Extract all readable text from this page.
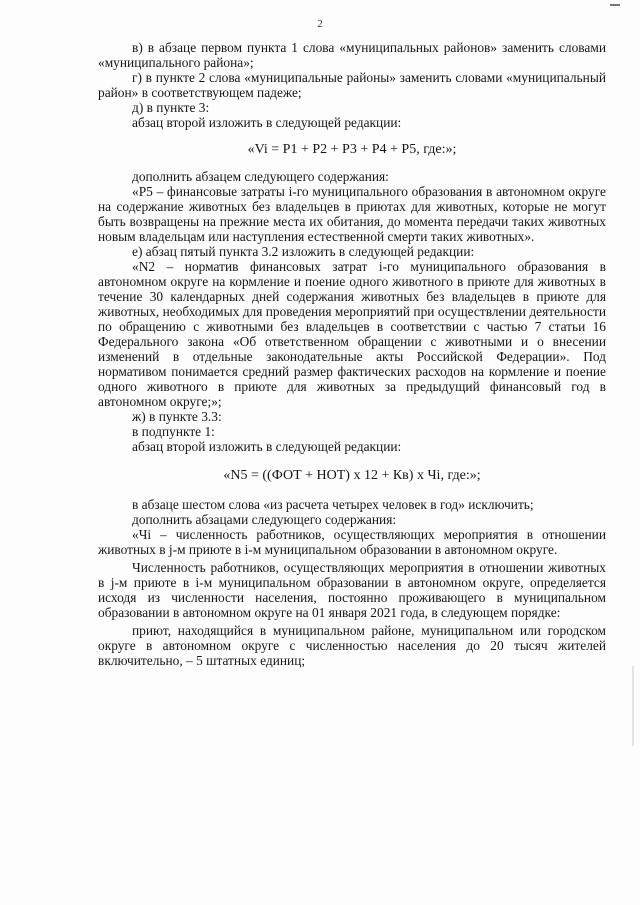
2

в) в абзаце первом пункта 1 слова «муниципальных районов» заменить словами «муниципального района»;

г) в пункте 2 слова «муниципальные районы» заменить словами «муниципальный район» в соответствующем падеже;

д) в пункте 3:

абзац второй изложить в следующей редакции:

«Vi = P1 + P2 + P3 + P4 + P5, где:»;

дополнить абзацем следующего содержания:

«P5 – финансовые затраты i-го муниципального образования в автономном округе на содержание животных без владельцев в приютах для животных, которые не могут быть возвращены на прежние места их обитания, до момента передачи таких животных новым владельцам или наступления естественной смерти таких животных».

е) абзац пятый пункта 3.2 изложить в следующей редакции:

«N2 – норматив финансовых затрат i-го муниципального образования в автономном округе на кормление и поение одного животного в приюте для животных в течение 30 календарных дней содержания животных без владельцев в приюте для животных, необходимых для проведения мероприятий при осуществлении деятельности по обращению с животными без владельцев в соответствии с частью 7 статьи 16 Федерального закона «Об ответственном обращении с животными и о внесении изменений в отдельные законодательные акты Российской Федерации». Под нормативом понимается средний размер фактических расходов на кормление и поение одного животного в приюте для животных за предыдущий финансовый год в автономном округе;»;

ж) в пункте 3.3:

в подпункте 1:

абзац второй изложить в следующей редакции:

«N5 = ((ФОТ + НОТ) x 12 + Кв) х Чi, где:»;

в абзаце шестом слова «из расчета четырех человек в год» исключить;

дополнить абзацами следующего содержания:

«Чi – численность работников, осуществляющих мероприятия в отношении животных в j-м приюте в i-м муниципальном образовании в автономном округе.

Численность работников, осуществляющих мероприятия в отношении животных в j-м приюте в i-м муниципальном образовании в автономном округе, определяется исходя из численности населения, постоянно проживающего в муниципальном образовании в автономном округе на 01 января 2021 года, в следующем порядке:

приют, находящийся в муниципальном районе, муниципальном или городском округе в автономном округе с численностью населения до 20 тысяч жителей включительно, – 5 штатных единиц;
